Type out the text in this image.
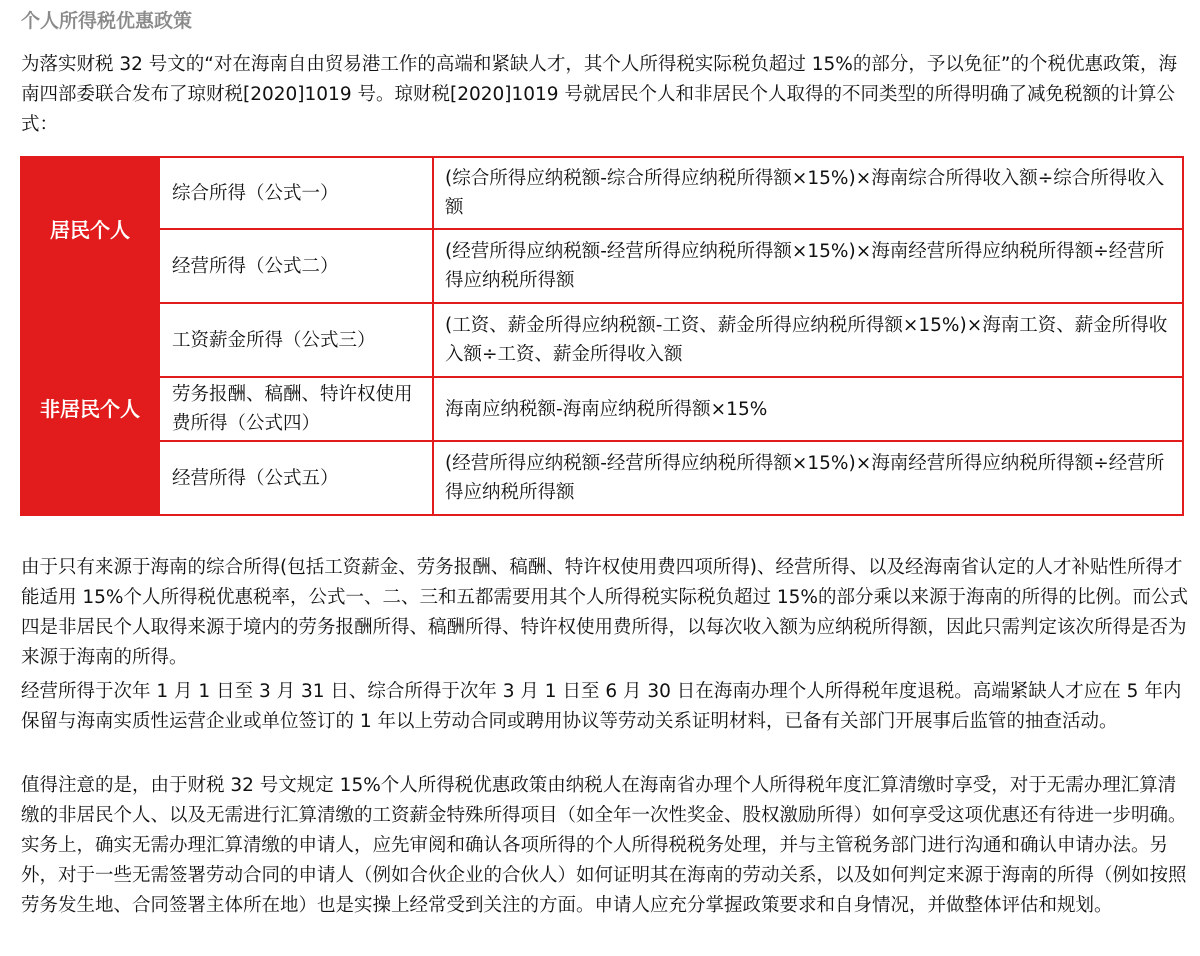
个人所得税优惠政策

为落实财税 32 号文的“对在海南自由贸易港工作的高端和紧缺人才，其个人所得税实际税负超过 15%的部分，予以免征”的个税优惠政策，海南四部委联合发布了琼财税[2020]1019 号。琼财税[2020]1019 号就居民个人和非居民个人取得的不同类型的所得明确了减免税额的计算公式：

居民个人	综合所得（公式一）	(综合所得应纳税额-综合所得应纳税所得额×15%)×海南综合所得收入额÷综合所得收入额
	经营所得（公式二）	(经营所得应纳税额-经营所得应纳税所得额×15%)×海南经营所得应纳税所得额÷经营所得应纳税所得额
非居民个人	工资薪金所得（公式三）	(工资、薪金所得应纳税额-工资、薪金所得应纳税所得额×15%)×海南工资、薪金所得收入额÷工资、薪金所得收入额
	劳务报酬、稿酬、特许权使用费所得（公式四）	海南应纳税额-海南应纳税所得额×15%
	经营所得（公式五）	(经营所得应纳税额-经营所得应纳税所得额×15%)×海南经营所得应纳税所得额÷经营所得应纳税所得额

由于只有来源于海南的综合所得(包括工资薪金、劳务报酬、稿酬、特许权使用费四项所得)、经营所得、以及经海南省认定的人才补贴性所得才能适用 15%个人所得税优惠税率，公式一、二、三和五都需要用其个人所得税实际税负超过 15%的部分乘以来源于海南的所得的比例。而公式四是非居民个人取得来源于境内的劳务报酬所得、稿酬所得、特许权使用费所得，以每次收入额为应纳税所得额，因此只需判定该次所得是否为来源于海南的所得。

经营所得于次年 1 月 1 日至 3 月 31 日、综合所得于次年 3 月 1 日至 6 月 30 日在海南办理个人所得税年度退税。高端紧缺人才应在 5 年内保留与海南实质性运营企业或单位签订的 1 年以上劳动合同或聘用协议等劳动关系证明材料，已备有关部门开展事后监管的抽查活动。

值得注意的是，由于财税 32 号文规定 15%个人所得税优惠政策由纳税人在海南省办理个人所得税年度汇算清缴时享受，对于无需办理汇算清缴的非居民个人、以及无需进行汇算清缴的工资薪金特殊所得项目（如全年一次性奖金、股权激励所得）如何享受这项优惠还有待进一步明确。实务上，确实无需办理汇算清缴的申请人，应先审阅和确认各项所得的个人所得税税务处理，并与主管税务部门进行沟通和确认申请办法。另外，对于一些无需签署劳动合同的申请人（例如合伙企业的合伙人）如何证明其在海南的劳动关系，以及如何判定来源于海南的所得（例如按照劳务发生地、合同签署主体所在地）也是实操上经常受到关注的方面。申请人应充分掌握政策要求和自身情况，并做整体评估和规划。
